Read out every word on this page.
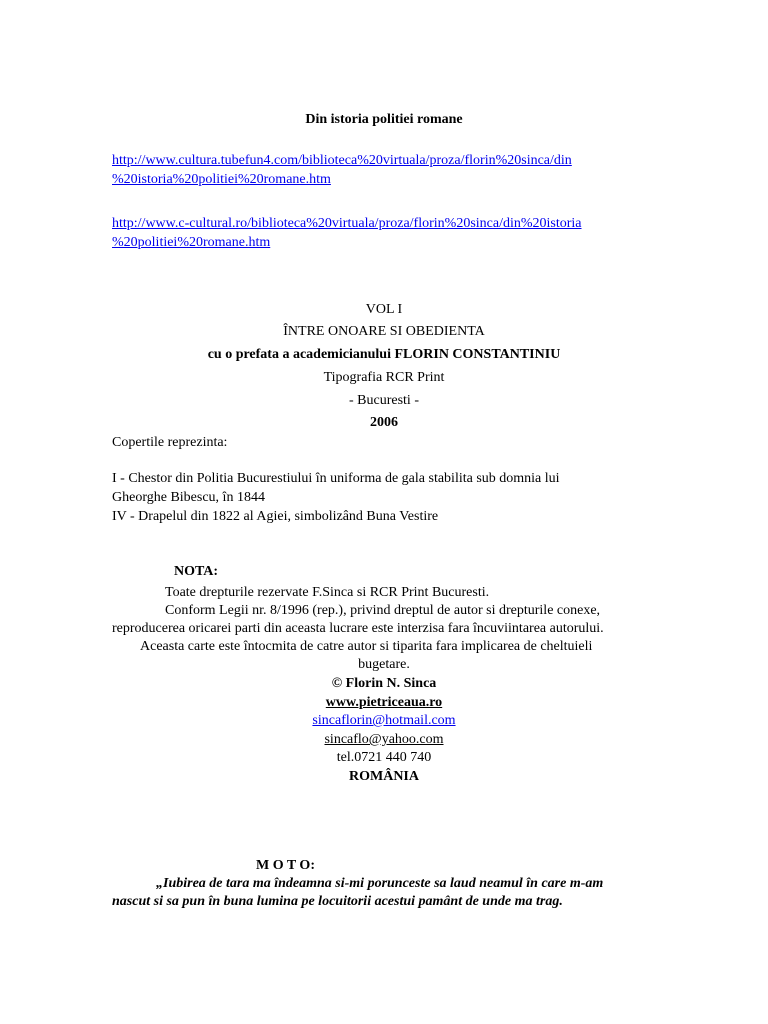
Din istoria politiei romane
http://www.cultura.tubefun4.com/biblioteca%20virtuala/proza/florin%20sinca/din
%20istoria%20politiei%20romane.htm
http://www.c-cultural.ro/biblioteca%20virtuala/proza/florin%20sinca/din%20istoria
%20politiei%20romane.htm
VOL I
ÎNTRE ONOARE SI OBEDIENTA
cu o prefata a academicianului FLORIN CONSTANTINIU
Tipografia RCR Print
- Bucuresti -
2006
Copertile reprezinta:
I - Chestor din Politia Bucurestiului în uniforma de gala stabilita sub domnia lui
Gheorghe Bibescu, în 1844
IV - Drapelul din 1822 al Agiei, simbolizând Buna Vestire
NOTA:
Toate drepturile rezervate F.Sinca si RCR Print Bucuresti.
Conform Legii nr. 8/1996 (rep.), privind dreptul de autor si drepturile conexe,
reproducerea oricarei parti din aceasta lucrare este interzisa fara încuviintarea autorului.
Aceasta carte este întocmita de catre autor si tiparita fara implicarea de cheltuieli
bugetare.
© Florin N. Sinca
www.pietriceaua.ro
sincaflorin@hotmail.com
sincaflo@yahoo.com
tel.0721 440 740
ROMÂNIA
M O T O:
„Iubirea de tara ma îndeamna si-mi porunceste sa laud neamul în care m-am
nascut si sa pun în buna lumina pe locuitorii acestui pamânt de unde ma trag.
